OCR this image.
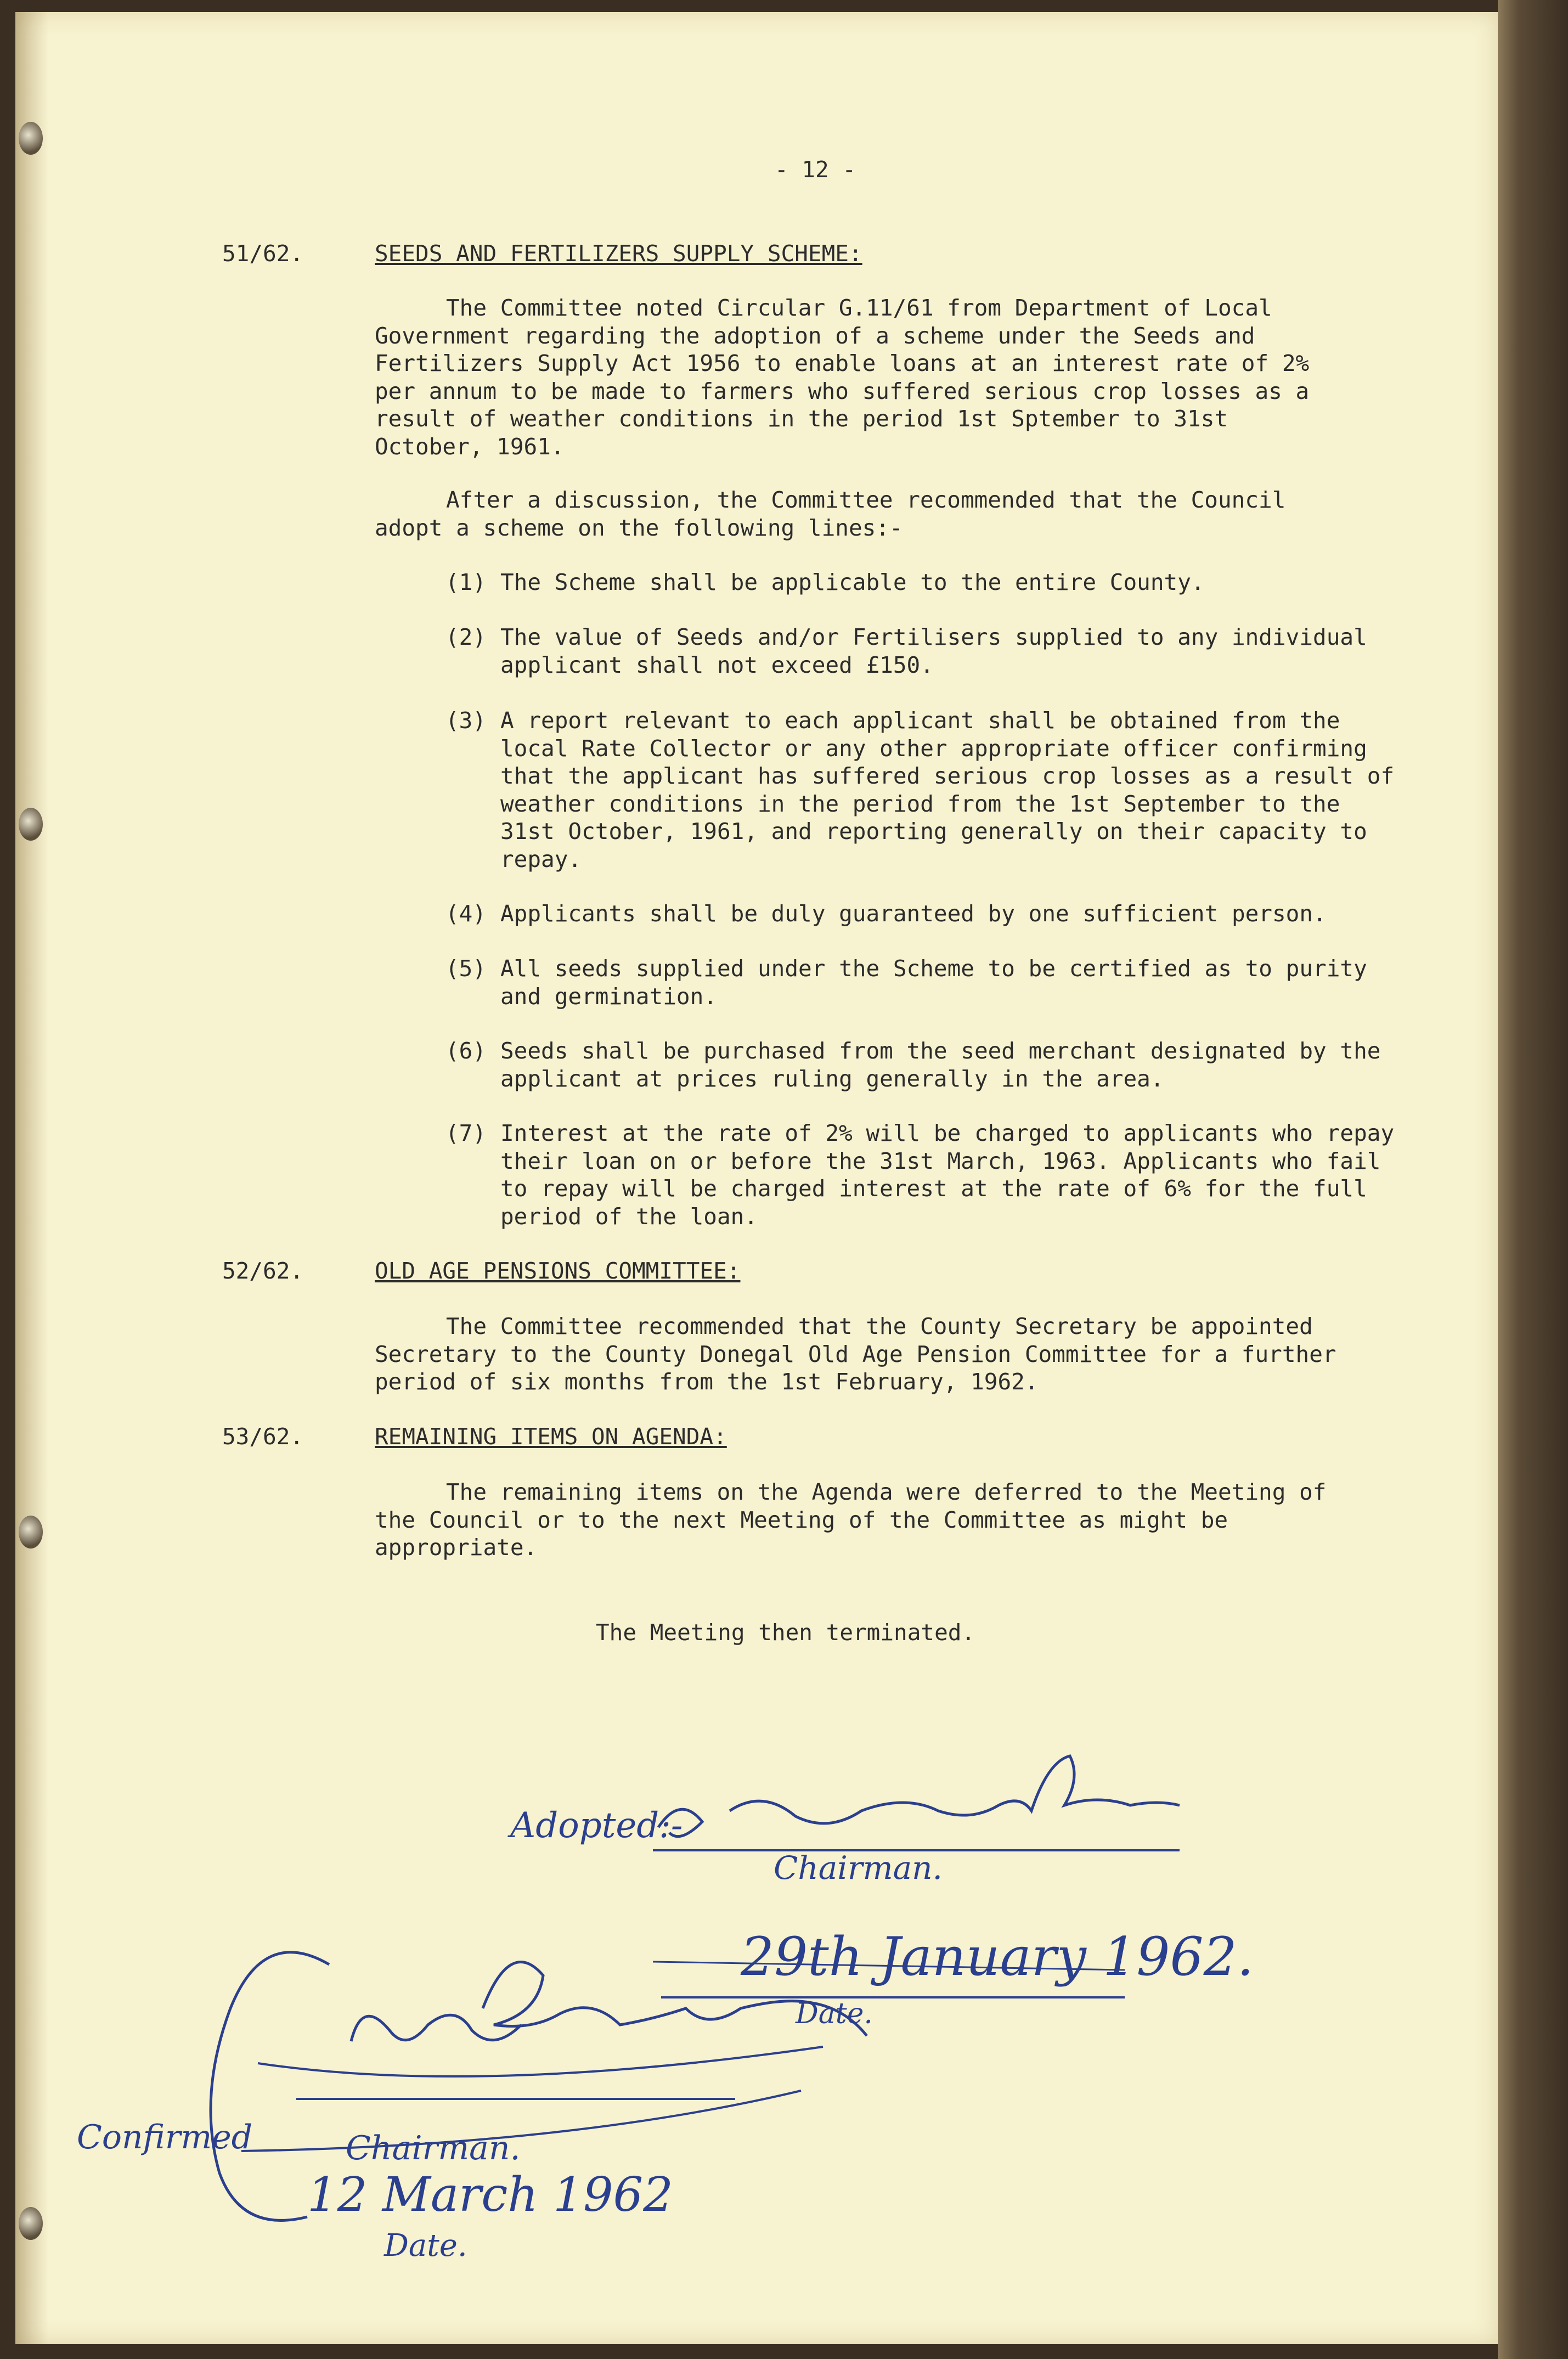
- 12 -
51/62.	SEEDS AND FERTILIZERS SUPPLY SCHEME:
The Committee noted Circular G.11/61 from Department of Local Government regarding the adoption of a scheme under the Seeds and Fertilizers Supply Act 1956 to enable loans at an interest rate of 2% per annum to be made to farmers who suffered serious crop losses as a result of weather conditions in the period 1st Sptember to 31st October, 1961.
After a discussion, the Committee recommended that the Council adopt a scheme on the following lines:-
(1) The Scheme shall be applicable to the entire County.
(2) The value of Seeds and/or Fertilisers supplied to any individual applicant shall not exceed £150.
(3) A report relevant to each applicant shall be obtained from the local Rate Collector or any other appropriate officer confirming that the applicant has suffered serious crop losses as a result of weather conditions in the period from the 1st September to the 31st October, 1961, and reporting generally on their capacity to repay.
(4) Applicants shall be duly guaranteed by one sufficient person.
(5) All seeds supplied under the Scheme to be certified as to purity and germination.
(6) Seeds shall be purchased from the seed merchant designated by the applicant at prices ruling generally in the area.
(7) Interest at the rate of 2% will be charged to applicants who repay their loan on or before the 31st March, 1963. Applicants who fail to repay will be charged interest at the rate of 6% for the full period of the loan.
52/62.	OLD AGE PENSIONS COMMITTEE:
The Committee recommended that the County Secretary be appointed Secretary to the County Donegal Old Age Pension Committee for a further period of six months from the 1st February, 1962.
53/62.	REMAINING ITEMS ON AGENDA:
The remaining items on the Agenda were deferred to the Meeting of the Council or to the next Meeting of the Committee as might be appropriate.
The Meeting then terminated.
Adopted:-
Chairman.
29th January 1962.
Date.
Confirmed	Chairman.
12 March 1962
Date.
